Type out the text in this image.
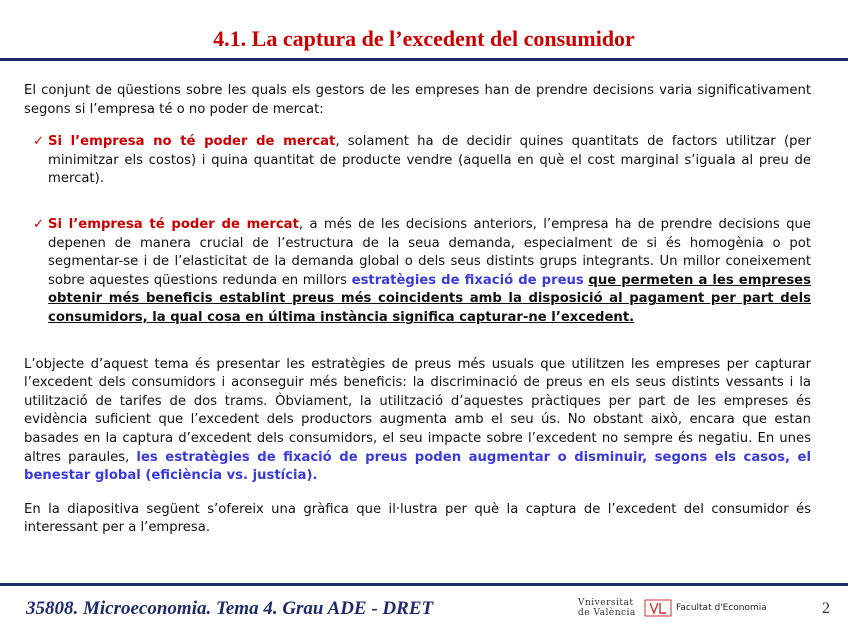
4.1. La captura de l’excedent del consumidor

El conjunt de qüestions sobre les quals els gestors de les empreses han de prendre decisions varia significativament segons si l’empresa té o no poder de mercat:

✓ Si l’empresa no té poder de mercat, solament ha de decidir quines quantitats de factors utilitzar (per minimitzar els costos) i quina quantitat de producte vendre (aquella en què el cost marginal s’iguala al preu de mercat).
✓ Si l’empresa té poder de mercat, a més de les decisions anteriors, l’empresa ha de prendre decisions que depenen de manera crucial de l’estructura de la seua demanda, especialment de si és homogènia o pot segmentar-se i de l’elasticitat de la demanda global o dels seus distints grups integrants. Un millor coneixement sobre aquestes qüestions redunda en millors estratègies de fixació de preus que permeten a les empreses obtenir més beneficis establint preus més coincidents amb la disposició al pagament per part dels consumidors, la qual cosa en última instància significa capturar-ne l’excedent.

L’objecte d’aquest tema és presentar les estratègies de preus més usuals que utilitzen les empreses per capturar l’excedent dels consumidors i aconseguir més beneficis: la discriminació de preus en els seus distints vessants i la utilització de tarifes de dos trams. Òbviament, la utilització d’aquestes pràctiques per part de les empreses és evidència suficient que l’excedent dels productors augmenta amb el seu ús. No obstant això, encara que estan basades en la captura d’excedent dels consumidors, el seu impacte sobre l’excedent no sempre és negatiu. En unes altres paraules, les estratègies de fixació de preus poden augmentar o disminuir, segons els casos, el benestar global (eficiència vs. justícia).

En la diapositiva següent s’ofereix una gràfica que il·lustra per què la captura de l’excedent del consumidor és interessant per a l’empresa.

35808. Microeconomia. Tema 4. Grau ADE - DRET	Vniversitat
de València	Facultat d'Economia	2
